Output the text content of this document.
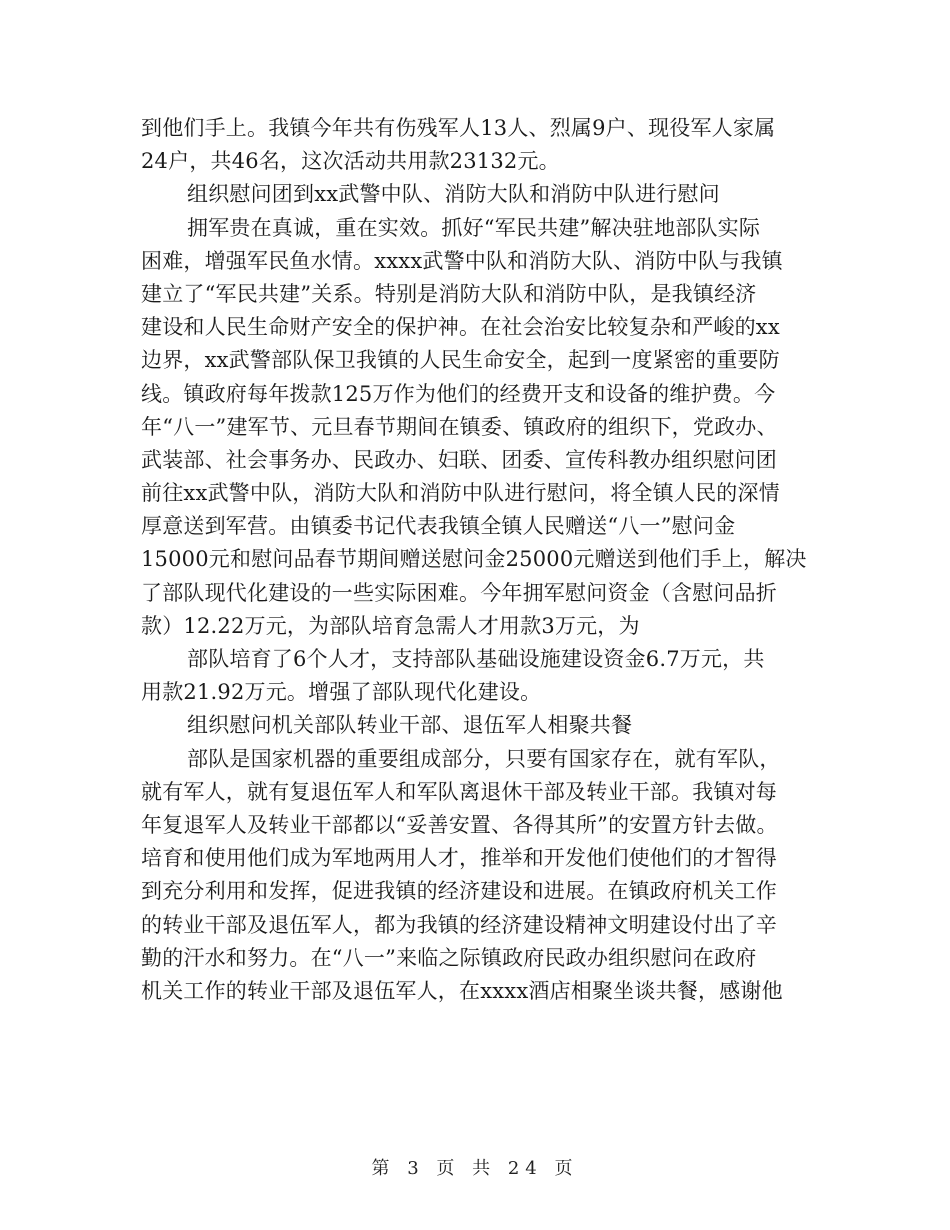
到他们手上。我镇今年共有伤残军人13人、烈属9户、现役军人家属
24户，共46名，这次活动共用款23132元。
组织慰问团到xx武警中队、消防大队和消防中队进行慰问
拥军贵在真诚，重在实效。抓好“军民共建”解决驻地部队实际
困难，增强军民鱼水情。xxxx武警中队和消防大队、消防中队与我镇
建立了“军民共建”关系。特别是消防大队和消防中队，是我镇经济
建设和人民生命财产安全的保护神。在社会治安比较复杂和严峻的xx
边界，xx武警部队保卫我镇的人民生命安全，起到一度紧密的重要防
线。镇政府每年拨款125万作为他们的经费开支和设备的维护费。今
年“八一”建军节、元旦春节期间在镇委、镇政府的组织下，党政办、
武装部、社会事务办、民政办、妇联、团委、宣传科教办组织慰问团
前往xx武警中队，消防大队和消防中队进行慰问，将全镇人民的深情
厚意送到军营。由镇委书记代表我镇全镇人民赠送“八一”慰问金
15000元和慰问品春节期间赠送慰问金25000元赠送到他们手上，解决
了部队现代化建设的一些实际困难。今年拥军慰问资金（含慰问品折
款）12.22万元，为部队培育急需人才用款3万元，为
部队培育了6个人才，支持部队基础设施建设资金6.7万元，共
用款21.92万元。增强了部队现代化建设。
组织慰问机关部队转业干部、退伍军人相聚共餐
部队是国家机器的重要组成部分，只要有国家存在，就有军队，
就有军人，就有复退伍军人和军队离退休干部及转业干部。我镇对每
年复退军人及转业干部都以“妥善安置、各得其所”的安置方针去做。
培育和使用他们成为军地两用人才，推举和开发他们使他们的才智得
到充分利用和发挥，促进我镇的经济建设和进展。在镇政府机关工作
的转业干部及退伍军人，都为我镇的经济建设精神文明建设付出了辛
勤的汗水和努力。在“八一”来临之际镇政府民政办组织慰问在政府
机关工作的转业干部及退伍军人，在xxxx酒店相聚坐谈共餐，感谢他
第 3 页 共 24 页
